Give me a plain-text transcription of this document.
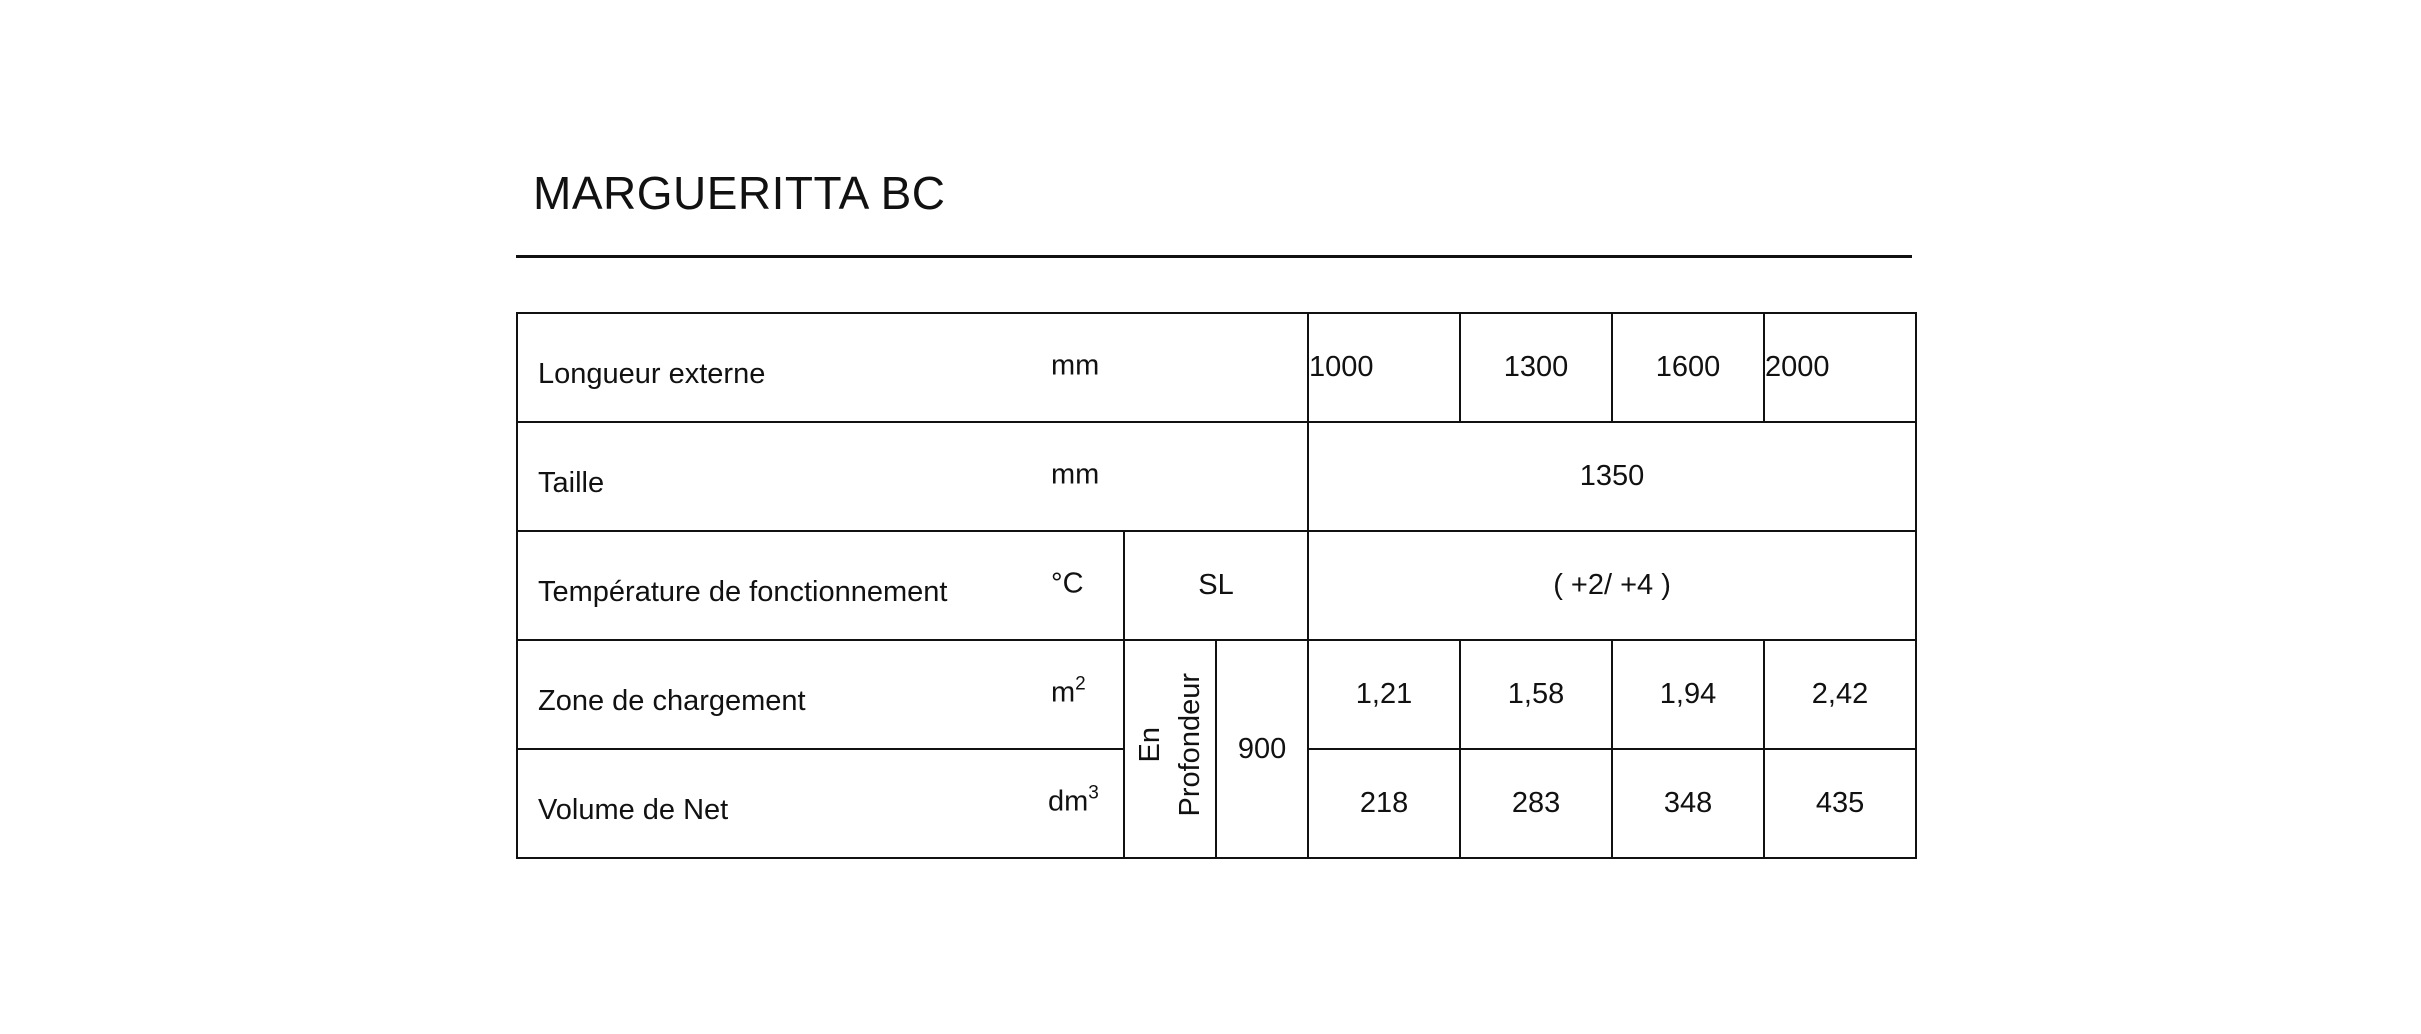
MARGUERITTA BC
Longueur externe mm			1000	1300	1600	2000

Taille mm			1350			

Température de fonctionnement °C	SL		( +2/ +4 )			

Zone de chargement $m^2$	En Profondeur	900	1,21	1,58	1,94	2,42

Volume de Net $dm^3$			218	283	348	435
